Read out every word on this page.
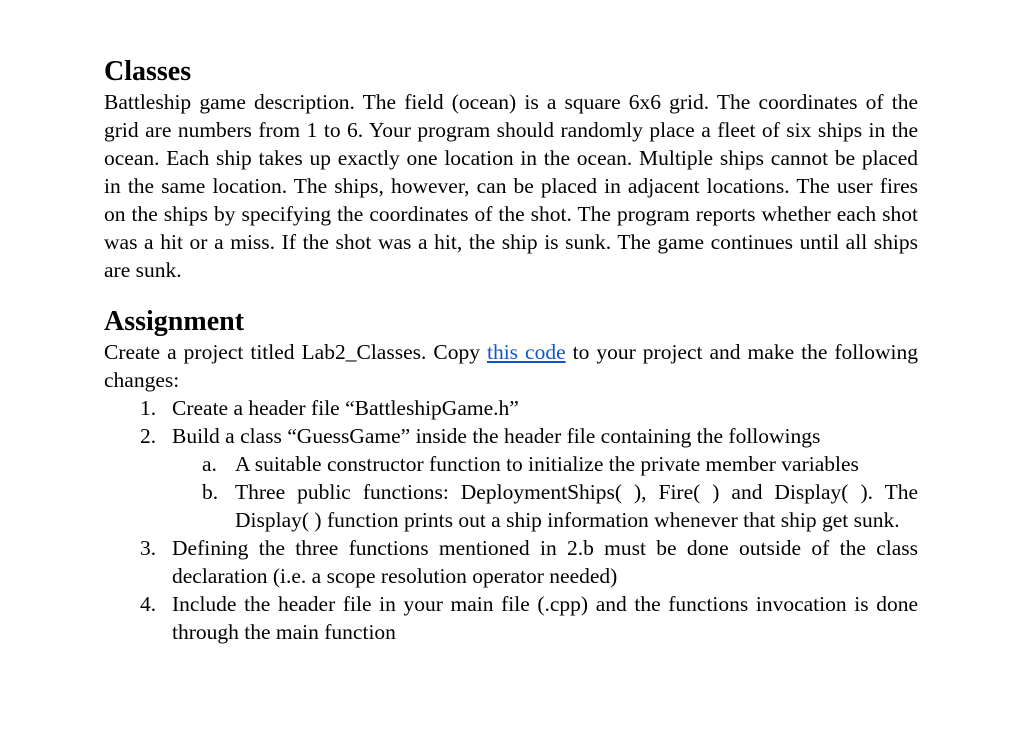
Classes

Battleship game description. The field (ocean) is a square 6x6 grid. The coordinates of the grid are numbers from 1 to 6. Your program should randomly place a fleet of six ships in the ocean. Each ship takes up exactly one location in the ocean. Multiple ships cannot be placed in the same location. The ships, however, can be placed in adjacent locations. The user fires on the ships by specifying the coordinates of the shot. The program reports whether each shot was a hit or a miss. If the shot was a hit, the ship is sunk. The game continues until all ships are sunk.

Assignment

Create a project titled Lab2_Classes. Copy this code to your project and make the following changes:

1. Create a header file “BattleshipGame.h”
2. Build a class “GuessGame” inside the header file containing the followings
a. A suitable constructor function to initialize the private member variables
b. Three public functions: DeploymentShips( ), Fire( ) and Display( ). The Display( ) function prints out a ship information whenever that ship get sunk.
3. Defining the three functions mentioned in 2.b must be done outside of the class declaration (i.e. a scope resolution operator needed)
4. Include the header file in your main file (.cpp) and the functions invocation is done through the main function
